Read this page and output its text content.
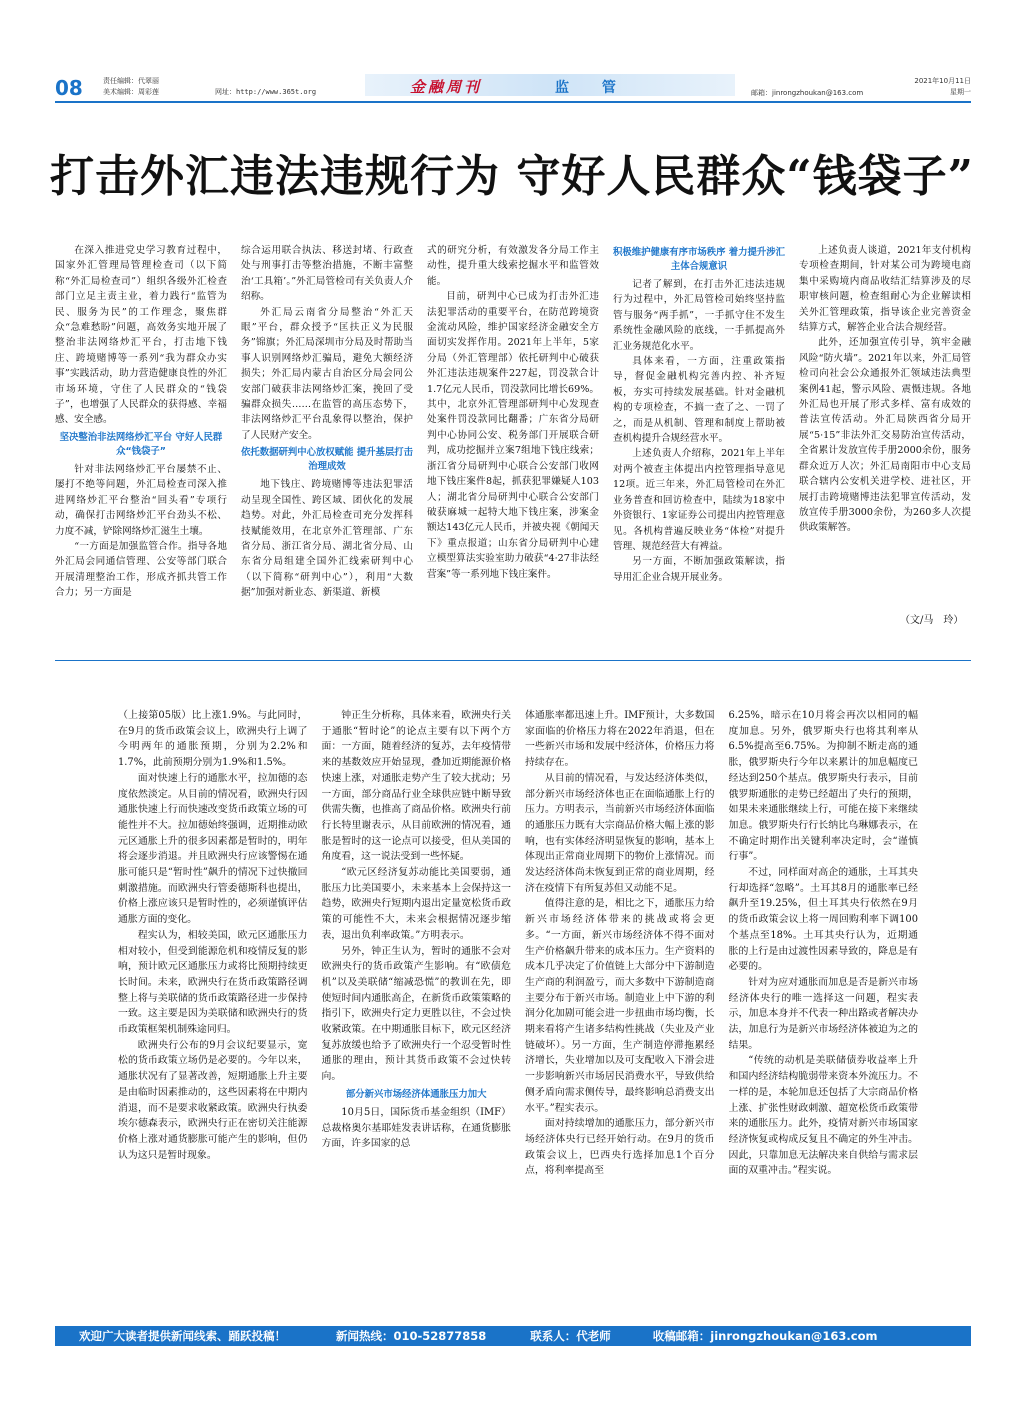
08	责任编辑：代翠丽
美术编辑：周彩莲	网址：http://www.365t.org	金融周刊	监 管	邮箱：jinrongzhoukan@163.com
2021年10月11日
星期一
打击外汇违法违规行为 守好人民群众“钱袋子”

在深入推进党史学习教育过程中，国家外汇管理局管理检查司（以下简称“外汇局检查司”）组织各级外汇检查部门立足主责主业，着力践行“监管为民、服务为民”的工作理念，聚焦群众“急难愁盼”问题，高效务实地开展了整治非法网络炒汇平台，打击地下钱庄、跨境赌博等一系列“我为群众办实事”实践活动，助力营造健康良性的外汇市场环境，守住了人民群众的“钱袋子”，也增强了人民群众的获得感、幸福感、安全感。

坚决整治非法网络炒汇平台 守好人民群众“钱袋子”

针对非法网络炒汇平台屡禁不止、屡打不绝等问题，外汇局检查司深入推进网络炒汇平台整治“回头看”专项行动，确保打击网络炒汇平台劲头不松、力度不减，铲除网络炒汇滋生土壤。

“一方面是加强监管合作。指导各地外汇局会同通信管理、公安等部门联合开展清理整治工作，形成齐抓共管工作合力；另一方面是

综合运用联合执法、移送封堵、行政查处与刑事打击等整治措施，不断丰富整治‘工具箱’。”外汇局管检司有关负责人介绍称。

外汇局云南省分局整治“外汇天眼”平台，群众授予“匡扶正义为民服务”锦旗；外汇局深圳市分局及时帮助当事人识别网络炒汇骗局，避免大额经济损失；外汇局内蒙古自治区分局会同公安部门破获非法网络炒汇案，挽回了受骗群众损失……在监管的高压态势下，非法网络炒汇平台乱象得以整治，保护了人民财产安全。

依托数据研判中心放权赋能 提升基层打击治理成效

地下钱庄、跨境赌博等违法犯罪活动呈现全国性、跨区域、团伙化的发展趋势。对此，外汇局检查司充分发挥科技赋能效用，在北京外汇管理部、广东省分局、浙江省分局、湖北省分局、山东省分局组建全国外汇线索研判中心（以下简称“研判中心”），利用“大数据”加强对新业态、新渠道、新模

式的研究分析，有效激发各分局工作主动性，提升重大线索挖掘水平和监管效能。

目前，研判中心已成为打击外汇违法犯罪活动的重要平台，在防范跨境资金流动风险，维护国家经济金融安全方面切实发挥作用。2021年上半年，5家分局（外汇管理部）依托研判中心破获外汇违法违规案件227起，罚没款合计1.7亿元人民币，罚没款同比增长69%。其中，北京外汇管理部研判中心发现查处案件罚没款同比翻番；广东省分局研判中心协同公安、税务部门开展联合研判，成功挖掘并立案7组地下钱庄线索；浙江省分局研判中心联合公安部门收网地下钱庄案件8起，抓获犯罪嫌疑人103人；湖北省分局研判中心联合公安部门破获麻城一起特大地下钱庄案，涉案金额达143亿元人民币，并被央视《朝闻天下》重点报道；山东省分局研判中心建立模型算法实验室助力破获“4·27非法经营案”等一系列地下钱庄案件。

积极维护健康有序市场秩序 着力提升涉汇主体合规意识

记者了解到，在打击外汇违法违规行为过程中，外汇局管检司始终坚持监管与服务“两手抓”，一手抓守住不发生系统性金融风险的底线，一手抓提高外汇业务规范化水平。

具体来看，一方面，注重政策指导，督促金融机构完善内控、补齐短板，夯实可持续发展基础。针对金融机构的专项检查，不搞一查了之、一罚了之，而是从机制、管理和制度上帮助被查机构提升合规经营水平。

上述负责人介绍称，2021年上半年对两个被查主体提出内控管理指导意见12项。近三年来，外汇局管检司在外汇业务普查和回访检查中，陆续为18家中外资银行、1家证券公司提出内控管理意见。各机构普遍反映业务“体检”对提升管理、规范经营大有裨益。

另一方面，不断加强政策解读，指导用汇企业合规开展业务。

上述负责人谈道，2021年支付机构专项检查期间，针对某公司为跨境电商集中采购境内商品收结汇结算涉及的尽职审核问题，检查组耐心为企业解读相关外汇管理政策，指导该企业完善资金结算方式，解答企业合法合规经营。

此外，还加强宣传引导，筑牢金融风险“防火墙”。2021年以来，外汇局管检司向社会公众通报外汇领域违法典型案例41起，警示风险、震慑违规。各地外汇局也开展了形式多样、富有成效的普法宣传活动。外汇局陕西省分局开展“5·15”非法外汇交易防治宣传活动，全省累计发放宣传手册2000余份，服务群众近万人次；外汇局南阳市中心支局联合辖内公安机关进学校、进社区，开展打击跨境赌博违法犯罪宣传活动，发放宣传手册3000余份，为260多人次提供政策解答。

（文/马　玲）

（上接第05版）比上涨1.9%。与此同时，在9月的货币政策会议上，欧洲央行上调了今明两年的通胀预期，分别为2.2%和1.7%，此前预期分别为1.9%和1.5%。

面对快速上行的通胀水平，拉加德的态度依然淡定。从目前的情况看，欧洲央行因通胀快速上行而快速改变货币政策立场的可能性并不大。拉加德始终强调，近期推动欧元区通胀上升的很多因素都是暂时的，明年将会逐步消退。并且欧洲央行应该警惕在通胀可能只是“暂时性”飙升的情况下过快撤回刺激措施。而欧洲央行管委德斯科也提出，价格上涨应该只是暂时性的，必须谨慎评估通胀方面的变化。

程实认为，相较美国，欧元区通胀压力相对较小，但受到能源危机和疫情反复的影响，预计欧元区通胀压力或将比预期持续更长时间。未来，欧洲央行在货币政策路径调整上将与美联储的货币政策路径进一步保持一致。这主要是因为美联储和欧洲央行的货币政策框架机制殊途同归。

欧洲央行公布的9月会议纪要显示，宽松的货币政策立场仍是必要的。今年以来，通胀状况有了显著改善，短期通胀上升主要是由临时因素推动的，这些因素将在中期内消退，而不是要求收紧政策。欧洲央行执委埃尔德森表示，欧洲央行正在密切关注能源价格上涨对通货膨胀可能产生的影响，但仍认为这只是暂时现象。

钟正生分析称，具体来看，欧洲央行关于通胀“暂时论”的论点主要有以下两个方面：一方面，随着经济的复苏，去年疫情带来的基数效应开始显现，叠加近期能源价格快速上涨，对通胀走势产生了较大扰动；另一方面，部分商品行业全球供应链中断导致供需失衡，也推高了商品价格。欧洲央行前行长特里谢表示，从目前欧洲的情况看，通胀是暂时的这一论点可以接受，但从美国的角度看，这一说法受到一些怀疑。

“欧元区经济复苏动能比美国要弱，通胀压力比美国要小，未来基本上会保持这一趋势，欧洲央行短期内退出定量宽松货币政策的可能性不大，未来会根据情况逐步缩表，退出负利率政策。”方明表示。

另外，钟正生认为，暂时的通胀不会对欧洲央行的货币政策产生影响。有“欧债危机”以及美联储“缩减恐慌”的教训在先，即使短时间内通胀高企，在新货币政策策略的指引下，欧洲央行定力更胜以往，不会过快收紧政策。在中期通胀目标下，欧元区经济复苏放缓也给予了欧洲央行一个忍受暂时性通胀的理由，预计其货币政策不会过快转向。

部分新兴市场经济体通胀压力加大

10月5日，国际货币基金组织（IMF）总裁格奥尔基耶娃发表讲话称，在通货膨胀方面，许多国家的总

体通胀率都迅速上升。IMF预计，大多数国家面临的价格压力将在2022年消退，但在一些新兴市场和发展中经济体，价格压力将持续存在。

从目前的情况看，与发达经济体类似，部分新兴市场经济体也正在面临通胀上行的压力。方明表示，当前新兴市场经济体面临的通胀压力既有大宗商品价格大幅上涨的影响，也有实体经济明显恢复的影响，基本上体现出正常商业周期下的物价上涨情况。而发达经济体尚未恢复到正常的商业周期，经济在疫情下有所复苏但又动能不足。

值得注意的是，相比之下，通胀压力给新兴市场经济体带来的挑战或将会更多。“一方面，新兴市场经济体不得不面对生产价格飙升带来的成本压力。生产资料的成本几乎决定了价值链上大部分中下游制造生产商的利润盈亏，而大多数中下游制造商主要分布于新兴市场。制造业上中下游的利润分化加剧可能会进一步扭曲市场均衡，长期来看将产生诸多结构性挑战（失业及产业链破坏）。另一方面，生产制造停滞拖累经济增长，失业增加以及可支配收入下滑会进一步影响新兴市场居民消费水平，导致供给侧矛盾向需求侧传导，最终影响总消费支出水平。”程实表示。

面对持续增加的通胀压力，部分新兴市场经济体央行已经开始行动。在9月的货币政策会议上，巴西央行选择加息1个百分点，将利率提高至

6.25%，暗示在10月将会再次以相同的幅度加息。另外，俄罗斯央行也将其利率从6.5%提高至6.75%。为抑制不断走高的通胀，俄罗斯央行今年以来累计的加息幅度已经达到250个基点。俄罗斯央行表示，目前俄罗斯通胀的走势已经超出了央行的预期，如果未来通胀继续上行，可能在接下来继续加息。俄罗斯央行行长纳比乌琳娜表示，在不确定时期作出关键利率决定时，会“谨慎行事”。

不过，同样面对高企的通胀，土耳其央行却选择“忽略”。土耳其8月的通胀率已经飙升至19.25%，但土耳其央行依然在9月的货币政策会议上将一周回购利率下调100个基点至18%。土耳其央行认为，近期通胀的上行是由过渡性因素导致的，降息是有必要的。

针对为应对通胀而加息是否是新兴市场经济体央行的唯一选择这一问题，程实表示，加息本身并不代表一种出路或者解决办法，加息行为是新兴市场经济体被迫为之的结果。

“传统的动机是美联储债券收益率上升和国内经济结构脆弱带来资本外流压力。不一样的是，本轮加息还包括了大宗商品价格上涨、扩张性财政刺激、超宽松货币政策带来的通胀压力。此外，疫情对新兴市场国家经济恢复或构成反复且不确定的外生冲击。因此，只靠加息无法解决来自供给与需求层面的双重冲击。”程实说。

欢迎广大读者提供新闻线索、踊跃投稿！	新闻热线：010-52877858	联系人：代老师	收稿邮箱：jinrongzhoukan@163.com
